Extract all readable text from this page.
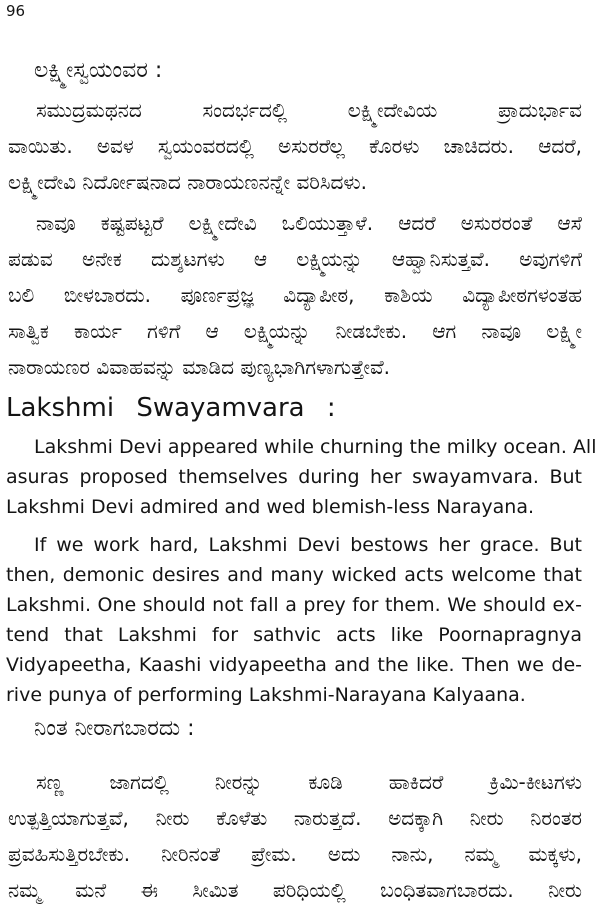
96
ಲಕ್ಷ್ಮೀಸ್ವಯಂವರ :
ಸಮುದ್ರಮಥನದ ಸಂದರ್ಭದಲ್ಲಿ ಲಕ್ಷ್ಮೀದೇವಿಯ ಪ್ರಾದುರ್ಭಾವ
ವಾಯಿತು. ಅವಳ ಸ್ವಯಂವರದಲ್ಲಿ ಅಸುರರೆಲ್ಲ ಕೊರಳು ಚಾಚಿದರು. ಆದರೆ,
ಲಕ್ಷ್ಮೀದೇವಿ ನಿರ್ದೋಷನಾದ ನಾರಾಯಣನನ್ನೇ ವರಿಸಿದಳು.
ನಾವೂ ಕಷ್ಟಪಟ್ಟರೆ ಲಕ್ಷ್ಮೀದೇವಿ ಒಲಿಯುತ್ತಾಳೆ. ಆದರೆ ಅಸುರರಂತೆ ಆಸೆ
ಪಡುವ ಅನೇಕ ದುಶ್ಶಟಗಳು ಆ ಲಕ್ಷ್ಮಿಯನ್ನು ಆಹ್ವಾನಿಸುತ್ತವೆ. ಅವುಗಳಿಗೆ
ಬಲಿ ಬೀಳಬಾರದು. ಪೂರ್ಣಪ್ರಜ್ಞ ವಿದ್ಯಾಪೀಠ, ಕಾಶಿಯ ವಿದ್ಯಾಪೀಠಗಳಂತಹ
ಸಾತ್ವಿಕ ಕಾರ್ಯ ಗಳಿಗೆ ಆ ಲಕ್ಷ್ಮಿಯನ್ನು ನೀಡಬೇಕು. ಆಗ ನಾವೂ ಲಕ್ಷ್ಮೀ
ನಾರಾಯಣರ ವಿವಾಹವನ್ನು ಮಾಡಿದ ಪುಣ್ಯಭಾಗಿಗಳಾಗುತ್ತೇವೆ.
Lakshmi Swayamvara :
Lakshmi Devi appeared while churning the milky ocean. All
asuras proposed themselves during her swayamvara. But
Lakshmi Devi admired and wed blemish-less Narayana.
If we work hard, Lakshmi Devi bestows her grace. But
then, demonic desires and many wicked acts welcome that
Lakshmi. One should not fall a prey for them. We should ex-
tend that Lakshmi for sathvic acts like Poornapragnya
Vidyapeetha, Kaashi vidyapeetha and the like. Then we de-
rive punya of performing Lakshmi-Narayana Kalyaana.
ನಿಂತ ನೀರಾಗಬಾರದು :
ಸಣ್ಣ ಜಾಗದಲ್ಲಿ ನೀರನ್ನು ಕೂಡಿ ಹಾಕಿದರೆ ಕ್ರಿಮಿ-ಕೀಟಗಳು
ಉತ್ಪತ್ತಿಯಾಗುತ್ತವೆ, ನೀರು ಕೊಳೆತು ನಾರುತ್ತದೆ. ಅದಕ್ಕಾಗಿ ನೀರು ನಿರಂತರ
ಪ್ರವಹಿಸುತ್ತಿರಬೇಕು. ನೀರಿನಂತೆ ಪ್ರೇಮ. ಅದು ನಾನು, ನಮ್ಮ ಮಕ್ಕಳು,
ನಮ್ಮ ಮನೆ ಈ ಸೀಮಿತ ಪರಿಧಿಯಲ್ಲಿ ಬಂಧಿತವಾಗಬಾರದು. ನೀರು
